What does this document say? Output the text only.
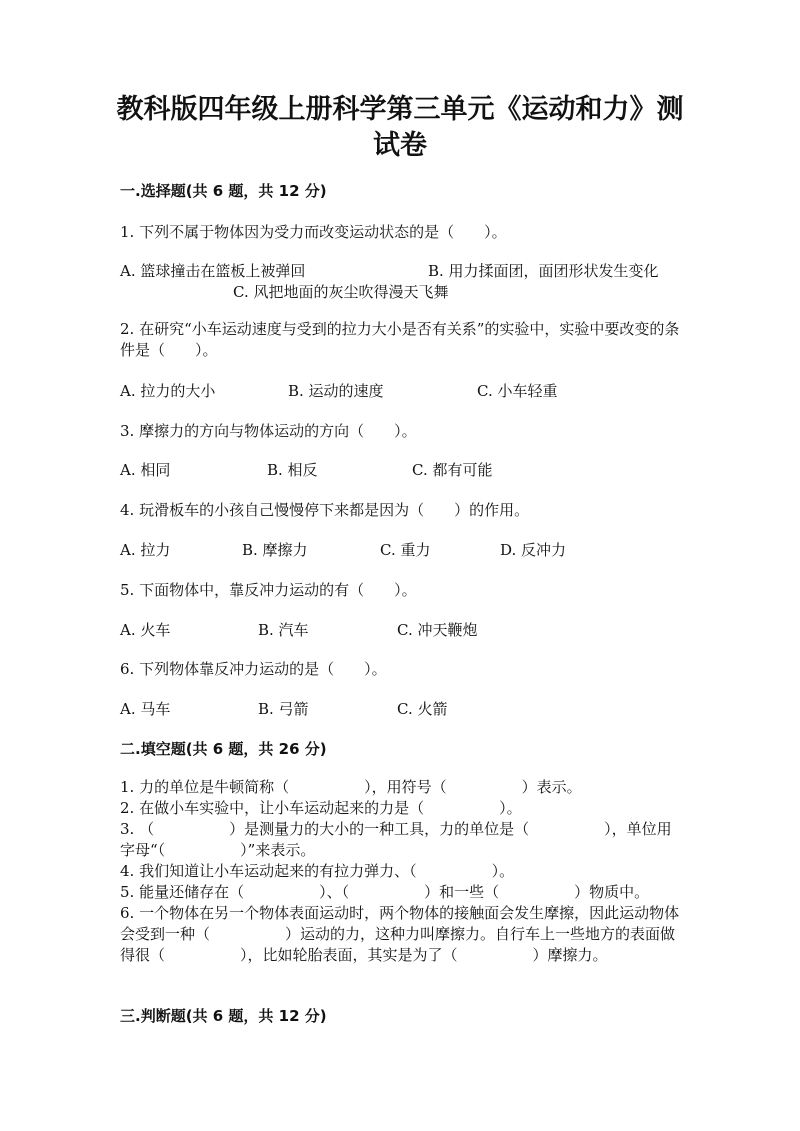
教科版四年级上册科学第三单元《运动和力》测试卷
一.选择题(共 6 题，共 12 分)
1. 下列不属于物体因为受力而改变运动状态的是（　　）。
A. 篮球撞击在篮板上被弹回	B. 用力揉面团，面团形状发生变化
C. 风把地面的灰尘吹得漫天飞舞
2. 在研究“小车运动速度与受到的拉力大小是否有关系”的实验中，实验中要改变的条件是（　　）。
A. 拉力的大小	B. 运动的速度	C. 小车轻重
3. 摩擦力的方向与物体运动的方向（　　）。
A. 相同	B. 相反	C. 都有可能
4. 玩滑板车的小孩自己慢慢停下来都是因为（　　）的作用。
A. 拉力	B. 摩擦力	C. 重力	D. 反冲力
5. 下面物体中，靠反冲力运动的有（　　）。
A. 火车	B. 汽车	C. 冲天鞭炮
6. 下列物体靠反冲力运动的是（　　）。
A. 马车	B. 弓箭	C. 火箭
二.填空题(共 6 题，共 26 分)
1. 力的单位是牛顿简称（　　　　　），用符号（　　　　　）表示。
2. 在做小车实验中，让小车运动起来的力是（　　　　　）。
3. （　　　　　）是测量力的大小的一种工具，力的单位是（　　　　　），单位用字母“（　　　　　）”来表示。
4. 我们知道让小车运动起来的有拉力弹力、（　　　　　）。
5. 能量还储存在（　　　　　）、（　　　　　）和一些（　　　　　）物质中。
6. 一个物体在另一个物体表面运动时，两个物体的接触面会发生摩擦，因此运动物体会受到一种（　　　　　）运动的力，这种力叫摩擦力。自行车上一些地方的表面做得很（　　　　　），比如轮胎表面，其实是为了（　　　　　）摩擦力。
三.判断题(共 6 题，共 12 分)
